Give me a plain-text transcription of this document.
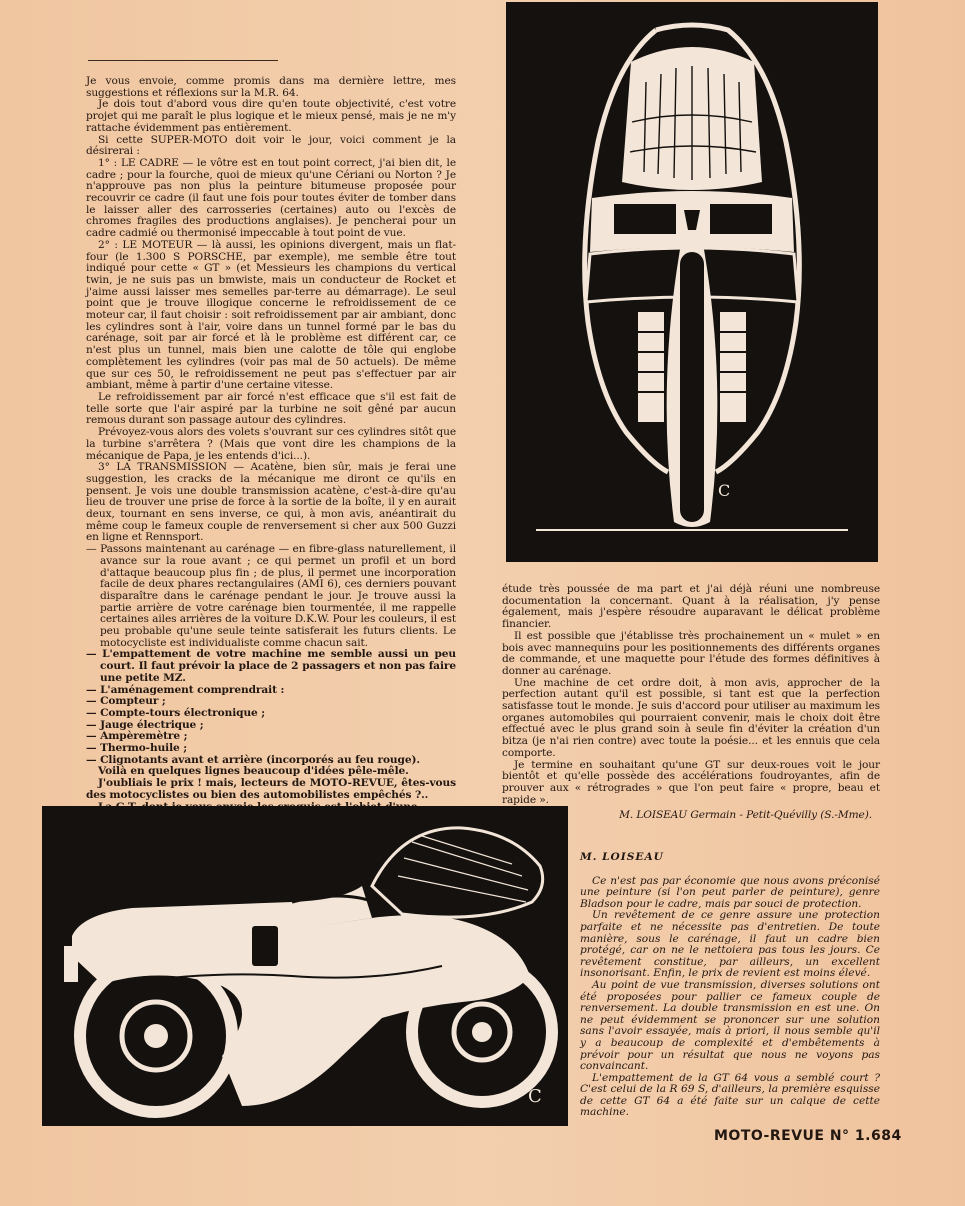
Je vous envoie, comme promis dans ma dernière lettre, mes suggestions et réflexions sur la M.R. 64.

Je dois tout d'abord vous dire qu'en toute objectivité, c'est votre projet qui me paraît le plus logique et le mieux pensé, mais je ne m'y rattache évidemment pas entièrement.

Si cette SUPER-MOTO doit voir le jour, voici comment je la désirerai :

1° : LE CADRE — le vôtre est en tout point correct, j'ai bien dit, le cadre ; pour la fourche, quoi de mieux qu'une Cériani ou Norton ? Je n'approuve pas non plus la peinture bitumeuse proposée pour recouvrir ce cadre (il faut une fois pour toutes éviter de tomber dans le laisser aller des carrosseries (certaines) auto ou l'excès de chromes fragiles des productions anglaises). Je pencherai pour un cadre cadmié ou thermonisé impeccable à tout point de vue.

2° : LE MOTEUR — là aussi, les opinions divergent, mais un flat-four (le 1.300 S PORSCHE, par exemple), me semble être tout indiqué pour cette « GT » (et Messieurs les champions du vertical twin, je ne suis pas un bmwiste, mais un conducteur de Rocket et j'aime aussi laisser mes semelles par-terre au démarrage). Le seul point que je trouve illogique concerne le refroidissement de ce moteur car, il faut choisir : soit refroidissement par air ambiant, donc les cylindres sont à l'air, voire dans un tunnel formé par le bas du carénage, soit par air forcé et là le problème est différent car, ce n'est plus un tunnel, mais bien une calotte de tôle qui englobe complètement les cylindres (voir pas mal de 50 actuels). De même que sur ces 50, le refroidissement ne peut pas s'effectuer par air ambiant, même à partir d'une certaine vitesse.

Le refroidissement par air forcé n'est efficace que s'il est fait de telle sorte que l'air aspiré par la turbine ne soit gêné par aucun remous durant son passage autour des cylindres.

Prévoyez-vous alors des volets s'ouvrant sur ces cylindres sitôt que la turbine s'arrêtera ? (Mais que vont dire les champions de la mécanique de Papa, je les entends d'ici...).

3° LA TRANSMISSION — Acatène, bien sûr, mais je ferai une suggestion, les cracks de la mécanique me diront ce qu'ils en pensent. Je vois une double transmission acatène, c'est-à-dire qu'au lieu de trouver une prise de force à la sortie de la boîte, il y en aurait deux, tournant en sens inverse, ce qui, à mon avis, anéantirait du même coup le fameux couple de renversement si cher aux 500 Guzzi en ligne et Rennsport.

— Passons maintenant au carénage — en fibre-glass naturellement, il avance sur la roue avant ; ce qui permet un profil et un bord d'attaque beaucoup plus fin ; de plus, il permet une incorporation facile de deux phares rectangulaires (AMI 6), ces derniers pouvant disparaître dans le carénage pendant le jour. Je trouve aussi la partie arrière de votre carénage bien tourmentée, il me rappelle certaines ailes arrières de la voiture D.K.W. Pour les couleurs, il est peu probable qu'une seule teinte satisferait les futurs clients. Le motocycliste est individualiste comme chacun sait.

— L'empattement de votre machine me semble aussi un peu court. Il faut prévoir la place de 2 passagers et non pas faire une petite MZ.

— L'aménagement comprendrait :

— Compteur ;

— Compte-tours électronique ;

— Jauge électrique ;

— Ampèremètre ;

— Thermo-huile ;

— Clignotants avant et arrière (incorporés au feu rouge).

Voilà en quelques lignes beaucoup d'idées pêle-mêle.

J'oubliais le prix ! mais, lecteurs de MOTO-REVUE, êtes-vous des motocyclistes ou bien des automobilistes empêchés ?..

étude très poussée de ma part et j'ai déjà réuni une nombreuse documentation la concernant. Quant à la réalisation, j'y pense également, mais j'espère résoudre auparavant le délicat problème financier.

Il est possible que j'établisse très prochainement un « mulet » en bois avec mannequins pour les positionnements des différents organes de commande, et une maquette pour l'étude des formes définitives à donner au carénage.

Une machine de cet ordre doit, à mon avis, approcher de la perfection autant qu'il est possible, si tant est que la perfection satisfasse tout le monde. Je suis d'accord pour utiliser au maximum les organes automobiles qui pourraient convenir, mais le choix doit être effectué avec le plus grand soin à seule fin d'éviter la création d'un bitza (je n'ai rien contre) avec toute la poésie... et les ennuis que cela comporte.

Je termine en souhaitant qu'une GT sur deux-roues voit le jour bientôt et qu'elle possède des accélérations foudroyantes, afin de prouver aux « rétrogrades » que l'on peut faire « propre, beau et rapide ».

M. LOISEAU Germain - Petit-Quévilly (S.-Mme).

C
C

M. LOISEAU

Ce n'est pas par économie que nous avons préconisé une peinture (si l'on peut parler de peinture), genre Bladson pour le cadre, mais par souci de protection.

Un revêtement de ce genre assure une protection parfaite et ne nécessite pas d'entretien. De toute manière, sous le carénage, il faut un cadre bien protégé, car on ne le nettoiera pas tous les jours. Ce revêtement constitue, par ailleurs, un excellent insonorisant. Enfin, le prix de revient est moins élevé.

Au point de vue transmission, diverses solutions ont été proposées pour pallier ce fameux couple de renversement. La double transmission en est une. On ne peut évidemment se prononcer sur une solution sans l'avoir essayée, mais à priori, il nous semble qu'il y a beaucoup de complexité et d'embêtements à prévoir pour un résultat que nous ne voyons pas convainсant.

L'empattement de la GT 64 vous a semblé court ? C'est celui de la R 69 S, d'ailleurs, la première esquisse de cette GT 64 a été faite sur un calque de cette machine.

MOTO-REVUE N° 1.684
